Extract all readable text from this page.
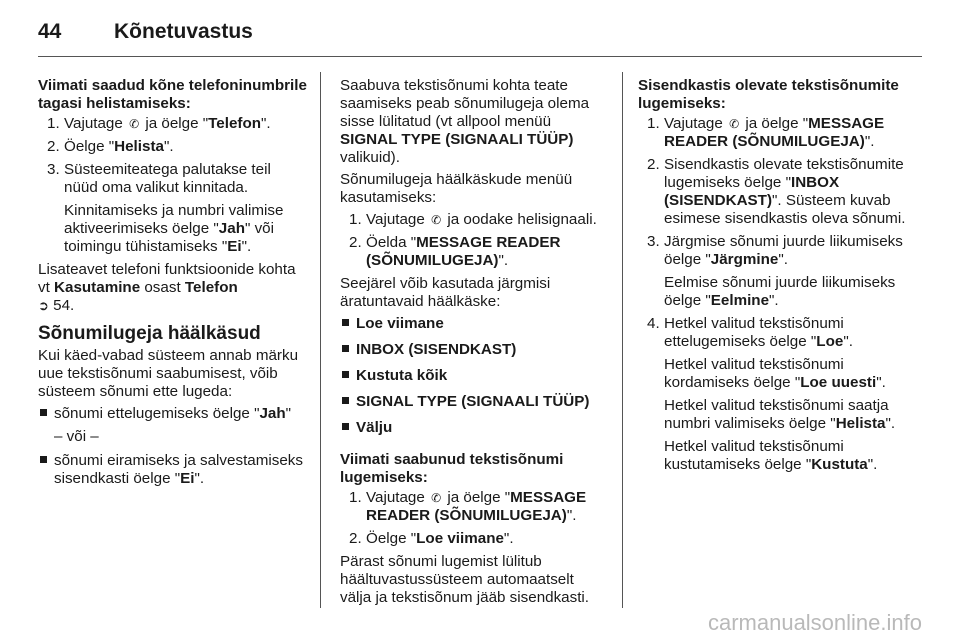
44	Kõnetuvastus

Viimati saadud kõne telefoninumbrile tagasi helistamiseks:

1. Vajutage ✆ ja öelge "Telefon".
2. Öelge "Helista".
3. Süsteemiteatega palutakse teil nüüd oma valikut kinnitada.
Kinnitamiseks ja numbri valimise aktiveerimiseks öelge "Jah" või toimingu tühistamiseks "Ei".

Lisateavet telefoni funktsioonide kohta vt Kasutamine osast Telefon
➲ 54.

Sõnumilugeja häälkäsud

Kui käed-vabad süsteem annab märku uue tekstisõnumi saabumisest, võib süsteem sõnumi ette lugeda:

sõnumi ettelugemiseks öelge "Jah"

– või –

sõnumi eiramiseks ja salvestamiseks sisendkasti öelge "Ei".

Saabuva tekstisõnumi kohta teate saamiseks peab sõnumilugeja olema sisse lülitatud (vt allpool menüü SIGNAL TYPE (SIGNAALI TÜÜP) valikuid).

Sõnumilugeja häälkäskude menüü kasutamiseks:

1. Vajutage ✆ ja oodake helisignaali.
2. Öelda "MESSAGE READER (SÕNUMILUGEJA)".

Seejärel võib kasutada järgmisi äratuntavaid häälkäske:

Loe viimane
INBOX (SISENDKAST)
Kustuta kõik
SIGNAL TYPE (SIGNAALI TÜÜP)
Välju

Viimati saabunud tekstisõnumi lugemiseks:

1. Vajutage ✆ ja öelge "MESSAGE READER (SÕNUMILUGEJA)".
2. Öelge "Loe viimane".

Pärast sõnumi lugemist lülitub häältuvastussüsteem automaatselt välja ja tekstisõnum jääb sisendkasti.

Sisendkastis olevate tekstisõnumite lugemiseks:

1. Vajutage ✆ ja öelge "MESSAGE READER (SÕNUMILUGEJA)".
2. Sisendkastis olevate tekstisõnumite lugemiseks öelge "INBOX (SISENDKAST)". Süsteem kuvab esimese sisendkastis oleva sõnumi.
3. Järgmise sõnumi juurde liikumiseks öelge "Järgmine".
Eelmise sõnumi juurde liikumiseks öelge "Eelmine".
4. Hetkel valitud tekstisõnumi ettelugemiseks öelge "Loe".
Hetkel valitud tekstisõnumi kordamiseks öelge "Loe uuesti".
Hetkel valitud tekstisõnumi saatja numbri valimiseks öelge "Helista".
Hetkel valitud tekstisõnumi kustutamiseks öelge "Kustuta".
carmanualsonline.info
